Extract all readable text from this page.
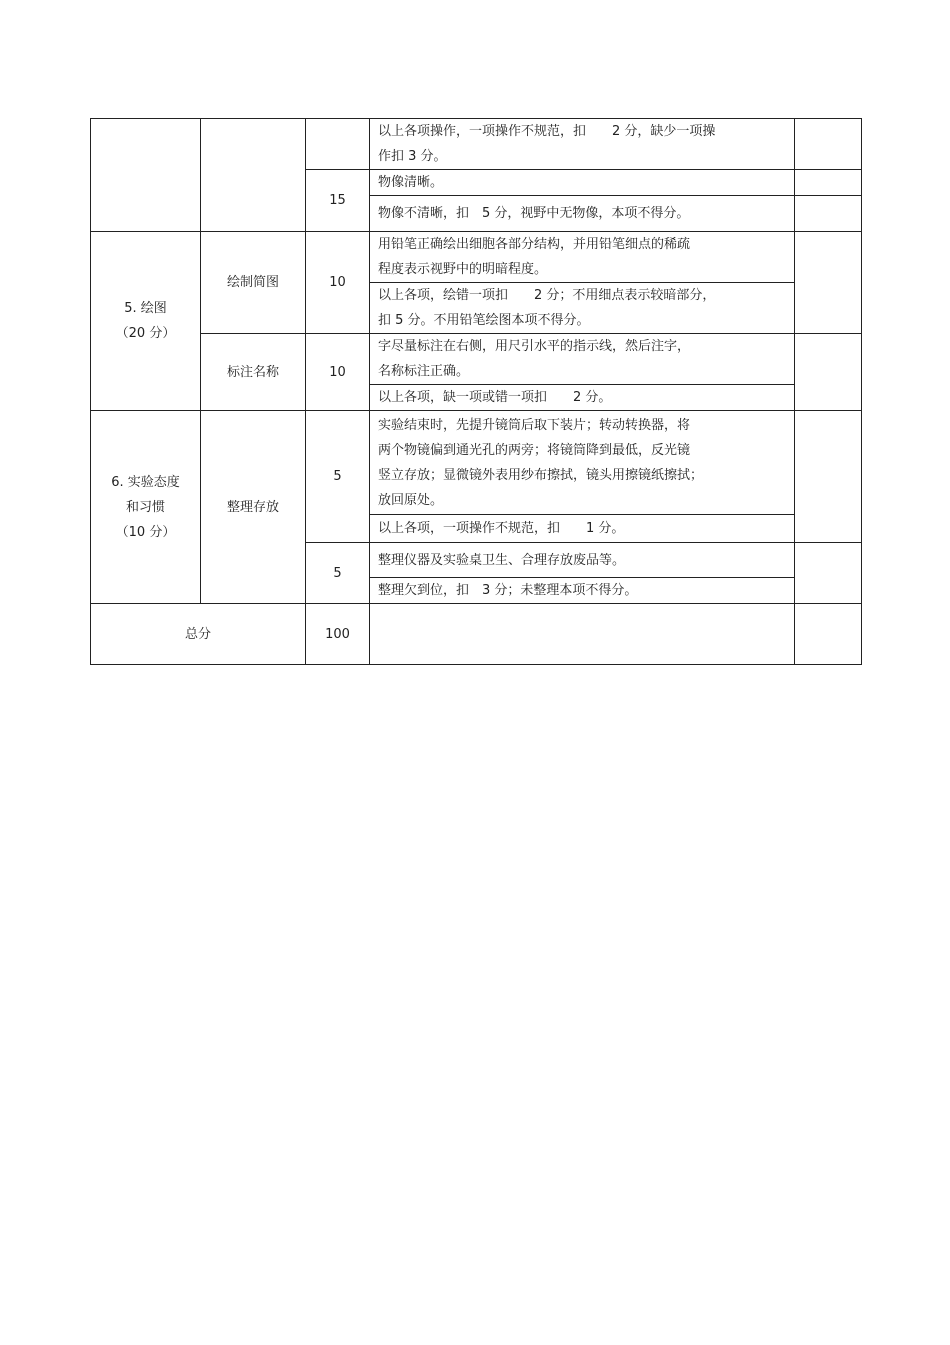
			以上各项操作，一项操作不规范，扣　　2 分，缺少一项操
作扣 3 分。	

		15	物像清晰。	
			物像不清晰，扣　5 分，视野中无物像，本项不得分。	

5. 绘图
（20 分）	绘制简图	10	用铅笔正确绘出细胞各部分结构，并用铅笔细点的稀疏
程度表示视野中的明暗程度。	

			以上各项，绘错一项扣　　2 分；不用细点表示较暗部分，
扣 5 分。不用铅笔绘图本项不得分。	

	标注名称	10	字尽量标注在右侧，用尺引水平的指示线，然后注字，
名称标注正确。	

			以上各项，缺一项或错一项扣　　2 分。	

6. 实验态度
和习惯
（10 分）	整理存放	5	实验结束时，先提升镜筒后取下装片；转动转换器，将
两个物镜偏到通光孔的两旁；将镜筒降到最低，反光镜
竖立存放；显微镜外表用纱布擦拭，镜头用擦镜纸擦拭；
放回原处。	

			以上各项，一项操作不规范，扣　　1 分。	
		5	整理仪器及实验桌卫生、合理存放废品等。	
			整理欠到位，扣　3 分；未整理本项不得分。	
总分		100		
